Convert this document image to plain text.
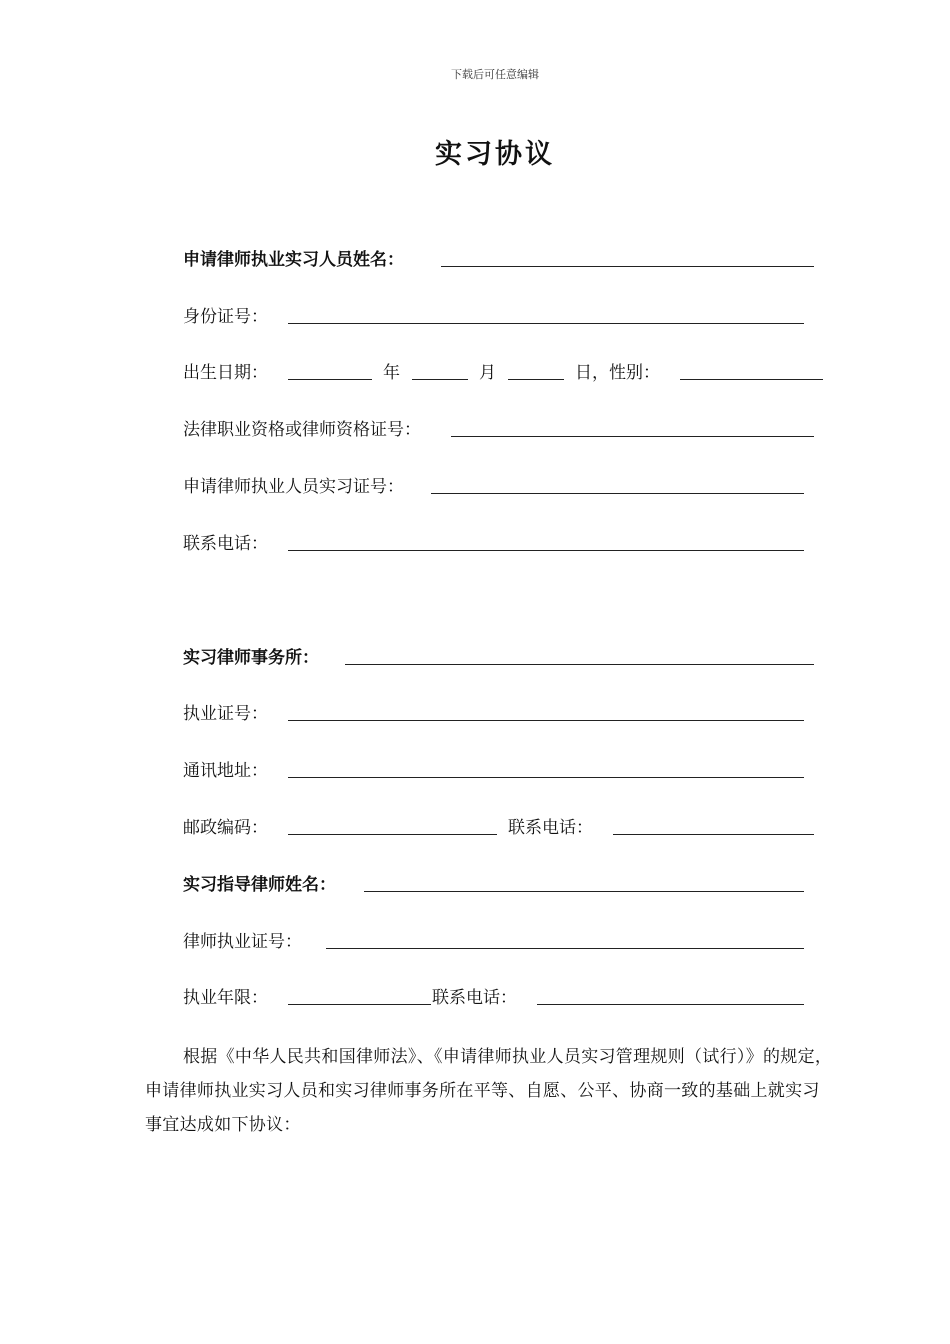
下载后可任意编辑
实习协议
申请律师执业实习人员姓名：
身份证号：
出生日期：	年	月	日，性别：
法律职业资格或律师资格证号：
申请律师执业人员实习证号：
联系电话：
实习律师事务所：
执业证号：
通讯地址：
邮政编码：	联系电话：
实习指导律师姓名：
律师执业证号：
执业年限：	联系电话：

根据《中华人民共和国律师法》、《申请律师执业人员实习管理规则（试行）》的规定，申请律师执业实习人员和实习律师事务所在平等、自愿、公平、协商一致的基础上就实习事宜达成如下协议：
